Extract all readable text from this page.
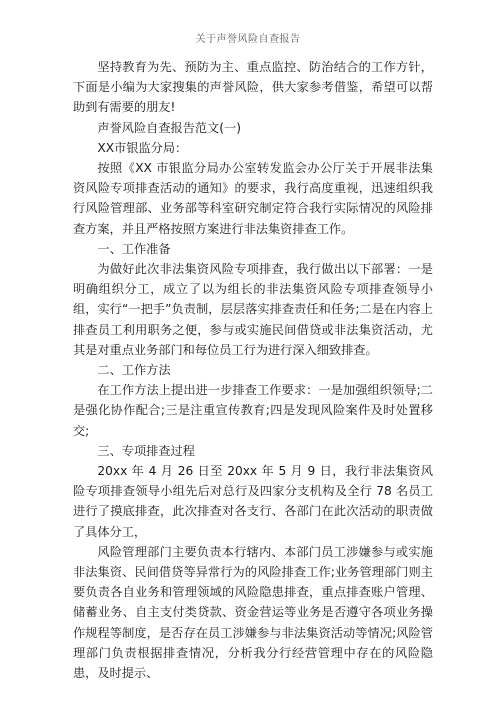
关于声誉风险自查报告

坚持教育为先、预防为主、重点监控、防治结合的工作方针，下面是小编为大家搜集的声誉风险，供大家参考借鉴，希望可以帮助到有需要的朋友!

声誉风险自查报告范文(一)

XX市银监分局：

按照《XX 市银监分局办公室转发监会办公厅关于开展非法集资风险专项排查活动的通知》的要求，我行高度重视，迅速组织我行风险管理部、业务部等科室研究制定符合我行实际情况的风险排查方案，并且严格按照方案进行非法集资排查工作。

一、工作准备

为做好此次非法集资风险专项排查，我行做出以下部署：一是明确组织分工，成立了以为组长的非法集资风险专项排查领导小组，实行“一把手”负责制，层层落实排查责任和任务;二是在内容上排查员工利用职务之便，参与或实施民间借贷或非法集资活动，尤其是对重点业务部门和每位员工行为进行深入细致排查。

二、工作方法

在工作方法上提出进一步排查工作要求：一是加强组织领导;二是强化协作配合;三是注重宣传教育;四是发现风险案件及时处置移交;

三、专项排查过程

20xx 年 4 月 26 日至 20xx 年 5 月 9 日，我行非法集资风险专项排查领导小组先后对总行及四家分支机构及全行 78 名员工进行了摸底排查，此次排查对各支行、各部门在此次活动的职责做了具体分工，

风险管理部门主要负责本行辖内、本部门员工涉嫌参与或实施非法集资、民间借贷等异常行为的风险排查工作;业务管理部门则主要负责各自业务和管理领域的风险隐患排查，重点排查账户管理、储蓄业务、自主支付类贷款、资金营运等业务是否遵守各项业务操作规程等制度，是否存在员工涉嫌参与非法集资活动等情况;风险管理部门负责根据排查情况，分析我分行经营管理中存在的风险隐患，及时提示、
